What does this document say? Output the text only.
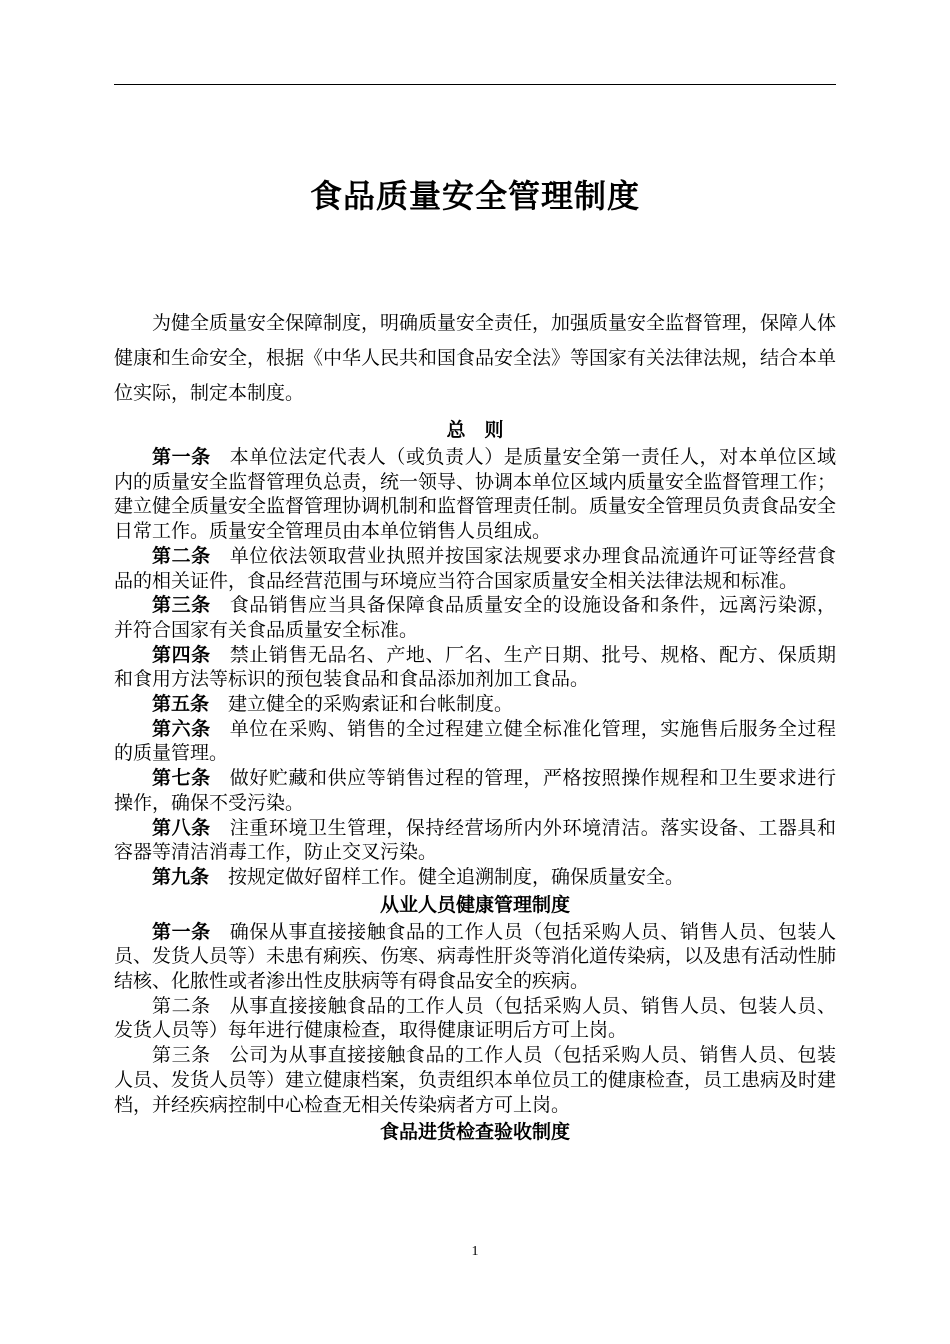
食品质量安全管理制度

为健全质量安全保障制度，明确质量安全责任，加强质量安全监督管理，保障人体健康和生命安全，根据《中华人民共和国食品安全法》等国家有关法律法规，结合本单位实际，制定本制度。

总　则

第一条 本单位法定代表人（或负责人）是质量安全第一责任人，对本单位区域内的质量安全监督管理负总责，统一领导、协调本单位区域内质量安全监督管理工作；建立健全质量安全监督管理协调机制和监督管理责任制。质量安全管理员负责食品安全日常工作。质量安全管理员由本单位销售人员组成。

第二条 单位依法领取营业执照并按国家法规要求办理食品流通许可证等经营食品的相关证件，食品经营范围与环境应当符合国家质量安全相关法律法规和标准。

第三条 食品销售应当具备保障食品质量安全的设施设备和条件，远离污染源，并符合国家有关食品质量安全标准。

第四条 禁止销售无品名、产地、厂名、生产日期、批号、规格、配方、保质期和食用方法等标识的预包装食品和食品添加剂加工食品。

第五条 建立健全的采购索证和台帐制度。

第六条 单位在采购、销售的全过程建立健全标准化管理，实施售后服务全过程的质量管理。

第七条 做好贮藏和供应等销售过程的管理，严格按照操作规程和卫生要求进行操作，确保不受污染。

第八条 注重环境卫生管理，保持经营场所内外环境清洁。落实设备、工器具和容器等清洁消毒工作，防止交叉污染。

第九条 按规定做好留样工作。健全追溯制度，确保质量安全。

从业人员健康管理制度

第一条 确保从事直接接触食品的工作人员（包括采购人员、销售人员、包装人员、发货人员等）未患有痢疾、伤寒、病毒性肝炎等消化道传染病，以及患有活动性肺结核、化脓性或者渗出性皮肤病等有碍食品安全的疾病。

第二条 从事直接接触食品的工作人员（包括采购人员、销售人员、包装人员、发货人员等）每年进行健康检查，取得健康证明后方可上岗。

第三条 公司为从事直接接触食品的工作人员（包括采购人员、销售人员、包装人员、发货人员等）建立健康档案，负责组织本单位员工的健康检查，员工患病及时建档，并经疾病控制中心检查无相关传染病者方可上岗。

食品进货检查验收制度
1
